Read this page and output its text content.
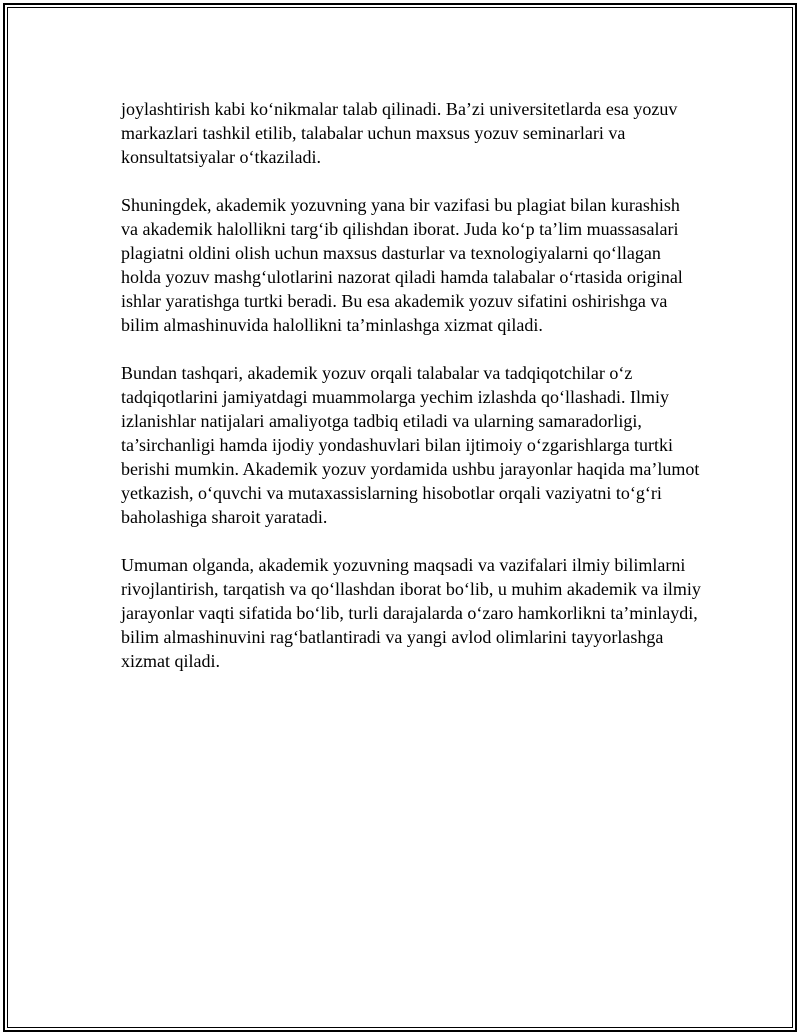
joylashtirish kabi ko‘nikmalar talab qilinadi. Ba’zi universitetlarda esa yozuv markazlari tashkil etilib, talabalar uchun maxsus yozuv seminarlari va konsultatsiyalar o‘tkaziladi.

Shuningdek, akademik yozuvning yana bir vazifasi bu plagiat bilan kurashish va akademik halollikni targ‘ib qilishdan iborat. Juda ko‘p ta’lim muassasalari plagiatni oldini olish uchun maxsus dasturlar va texnologiyalarni qo‘llagan holda yozuv mashg‘ulotlarini nazorat qiladi hamda talabalar o‘rtasida original ishlar yaratishga turtki beradi. Bu esa akademik yozuv sifatini oshirishga va bilim almashinuvida halollikni ta’minlashga xizmat qiladi.

Bundan tashqari, akademik yozuv orqali talabalar va tadqiqotchilar o‘z tadqiqotlarini jamiyatdagi muammolarga yechim izlashda qo‘llashadi. Ilmiy izlanishlar natijalari amaliyotga tadbiq etiladi va ularning samaradorligi, ta’sirchanligi hamda ijodiy yondashuvlari bilan ijtimoiy o‘zgarishlarga turtki berishi mumkin. Akademik yozuv yordamida ushbu jarayonlar haqida ma’lumot yetkazish, o‘quvchi va mutaxassislarning hisobotlar orqali vaziyatni to‘g‘ri baholashiga sharoit yaratadi.

Umuman olganda, akademik yozuvning maqsadi va vazifalari ilmiy bilimlarni rivojlantirish, tarqatish va qo‘llashdan iborat bo‘lib, u muhim akademik va ilmiy jarayonlar vaqti sifatida bo‘lib, turli darajalarda o‘zaro hamkorlikni ta’minlaydi, bilim almashinuvini rag‘batlantiradi va yangi avlod olimlarini tayyorlashga xizmat qiladi.
